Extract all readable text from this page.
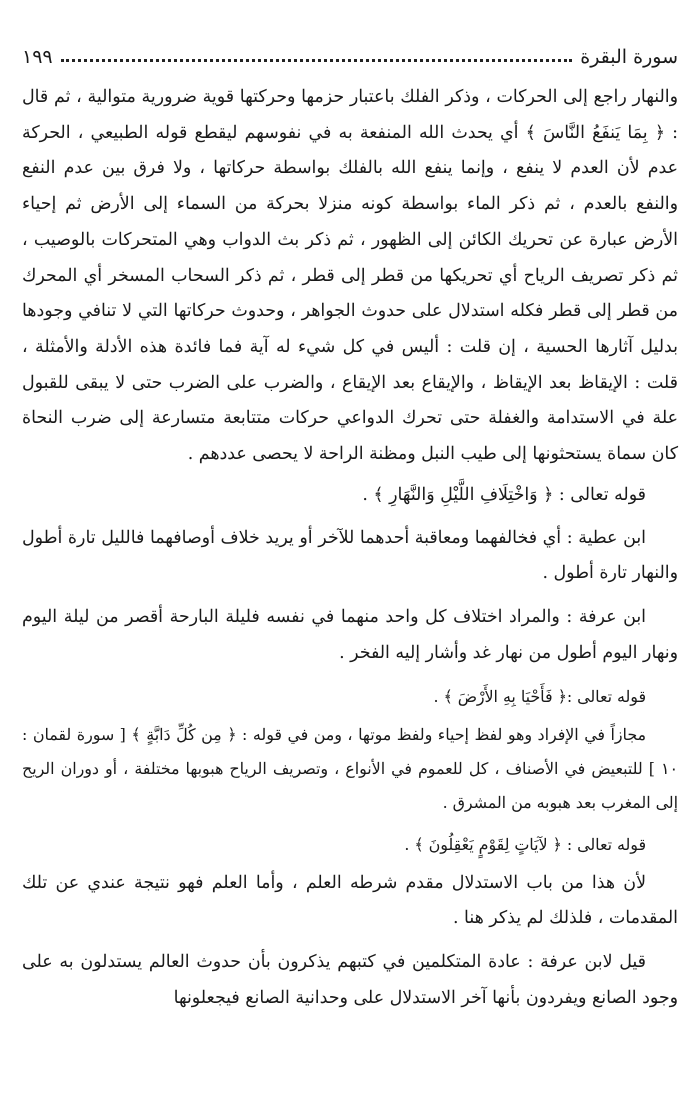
سورة البقرة
١٩٩

والنهار راجع إلى الحركات ، وذكر الفلك باعتبار حزمها وحركتها قوية ضرورية متوالية ، ثم قال : ﴿ بِمَا يَنفَعُ النَّاسَ ﴾ أي يحدث الله المنفعة به في نفوسهم ليقطع قوله الطبيعي ، الحركة عدم لأن العدم لا ينفع ، وإنما ينفع الله بالفلك بواسطة حركاتها ، ولا فرق بين عدم النفع والنفع بالعدم ، ثم ذكر الماء بواسطة كونه منزلا بحركة من السماء إلى الأرض ثم إحياء الأرض عبارة عن تحريك الكائن إلى الظهور ، ثم ذكر بث الدواب وهي المتحركات بالوصيب ، ثم ذكر تصريف الرياح أي تحريكها من قطر إلى قطر ، ثم ذكر السحاب المسخر أي المحرك من قطر إلى قطر فكله استدلال على حدوث الجواهر ، وحدوث حركاتها التي لا تنافي وجودها بدليل آثارها الحسية ، إن قلت : أليس في كل شيء له آية فما فائدة هذه الأدلة والأمثلة ، قلت : الإيقاظ بعد الإيقاظ ، والإيقاع بعد الإيقاع ، والضرب على الضرب حتى لا يبقى للقبول علة في الاستدامة والغفلة حتى تحرك الدواعي حركات متتابعة متسارعة إلى ضرب النحاة كان سماة يستحثونها إلى طيب النبل ومظنة الراحة لا يحصى عددهم .

قوله تعالى : ﴿ وَاخْتِلَافِ اللَّيْلِ وَالنَّهَارِ ﴾ .

ابن عطية : أي فخالفهما ومعاقبة أحدهما للآخر أو يريد خلاف أوصافهما فالليل تارة أطول والنهار تارة أطول .

ابن عرفة : والمراد اختلاف كل واحد منهما في نفسه فليلة البارحة أقصر من ليلة اليوم ونهار اليوم أطول من نهار غد وأشار إليه الفخر .

قوله تعالى :﴿ فَأَحْيَا بِهِ الأَرْضَ ﴾ .

مجازاً في الإفراد وهو لفظ إحياء ولفظ موتها ، ومن في قوله : ﴿ مِن كُلِّ دَابَّةٍ ﴾ [ سورة لقمان : ١٠ ] للتبعيض في الأصناف ، كل للعموم في الأنواع ، وتصريف الرياح هبوبها مختلفة ، أو دوران الريح إلى المغرب بعد هبوبه من المشرق .

قوله تعالى : ﴿ لآيَاتٍ لِقَوْمٍ يَعْقِلُونَ ﴾ .

لأن هذا من باب الاستدلال مقدم شرطه العلم ، وأما العلم فهو نتيجة عندي عن تلك المقدمات ، فلذلك لم يذكر هنا .

قيل لابن عرفة : عادة المتكلمين في كتبهم يذكرون بأن حدوث العالم يستدلون به على وجود الصانع ويفردون بأنها آخر الاستدلال على وحدانية الصانع فيجعلونها
